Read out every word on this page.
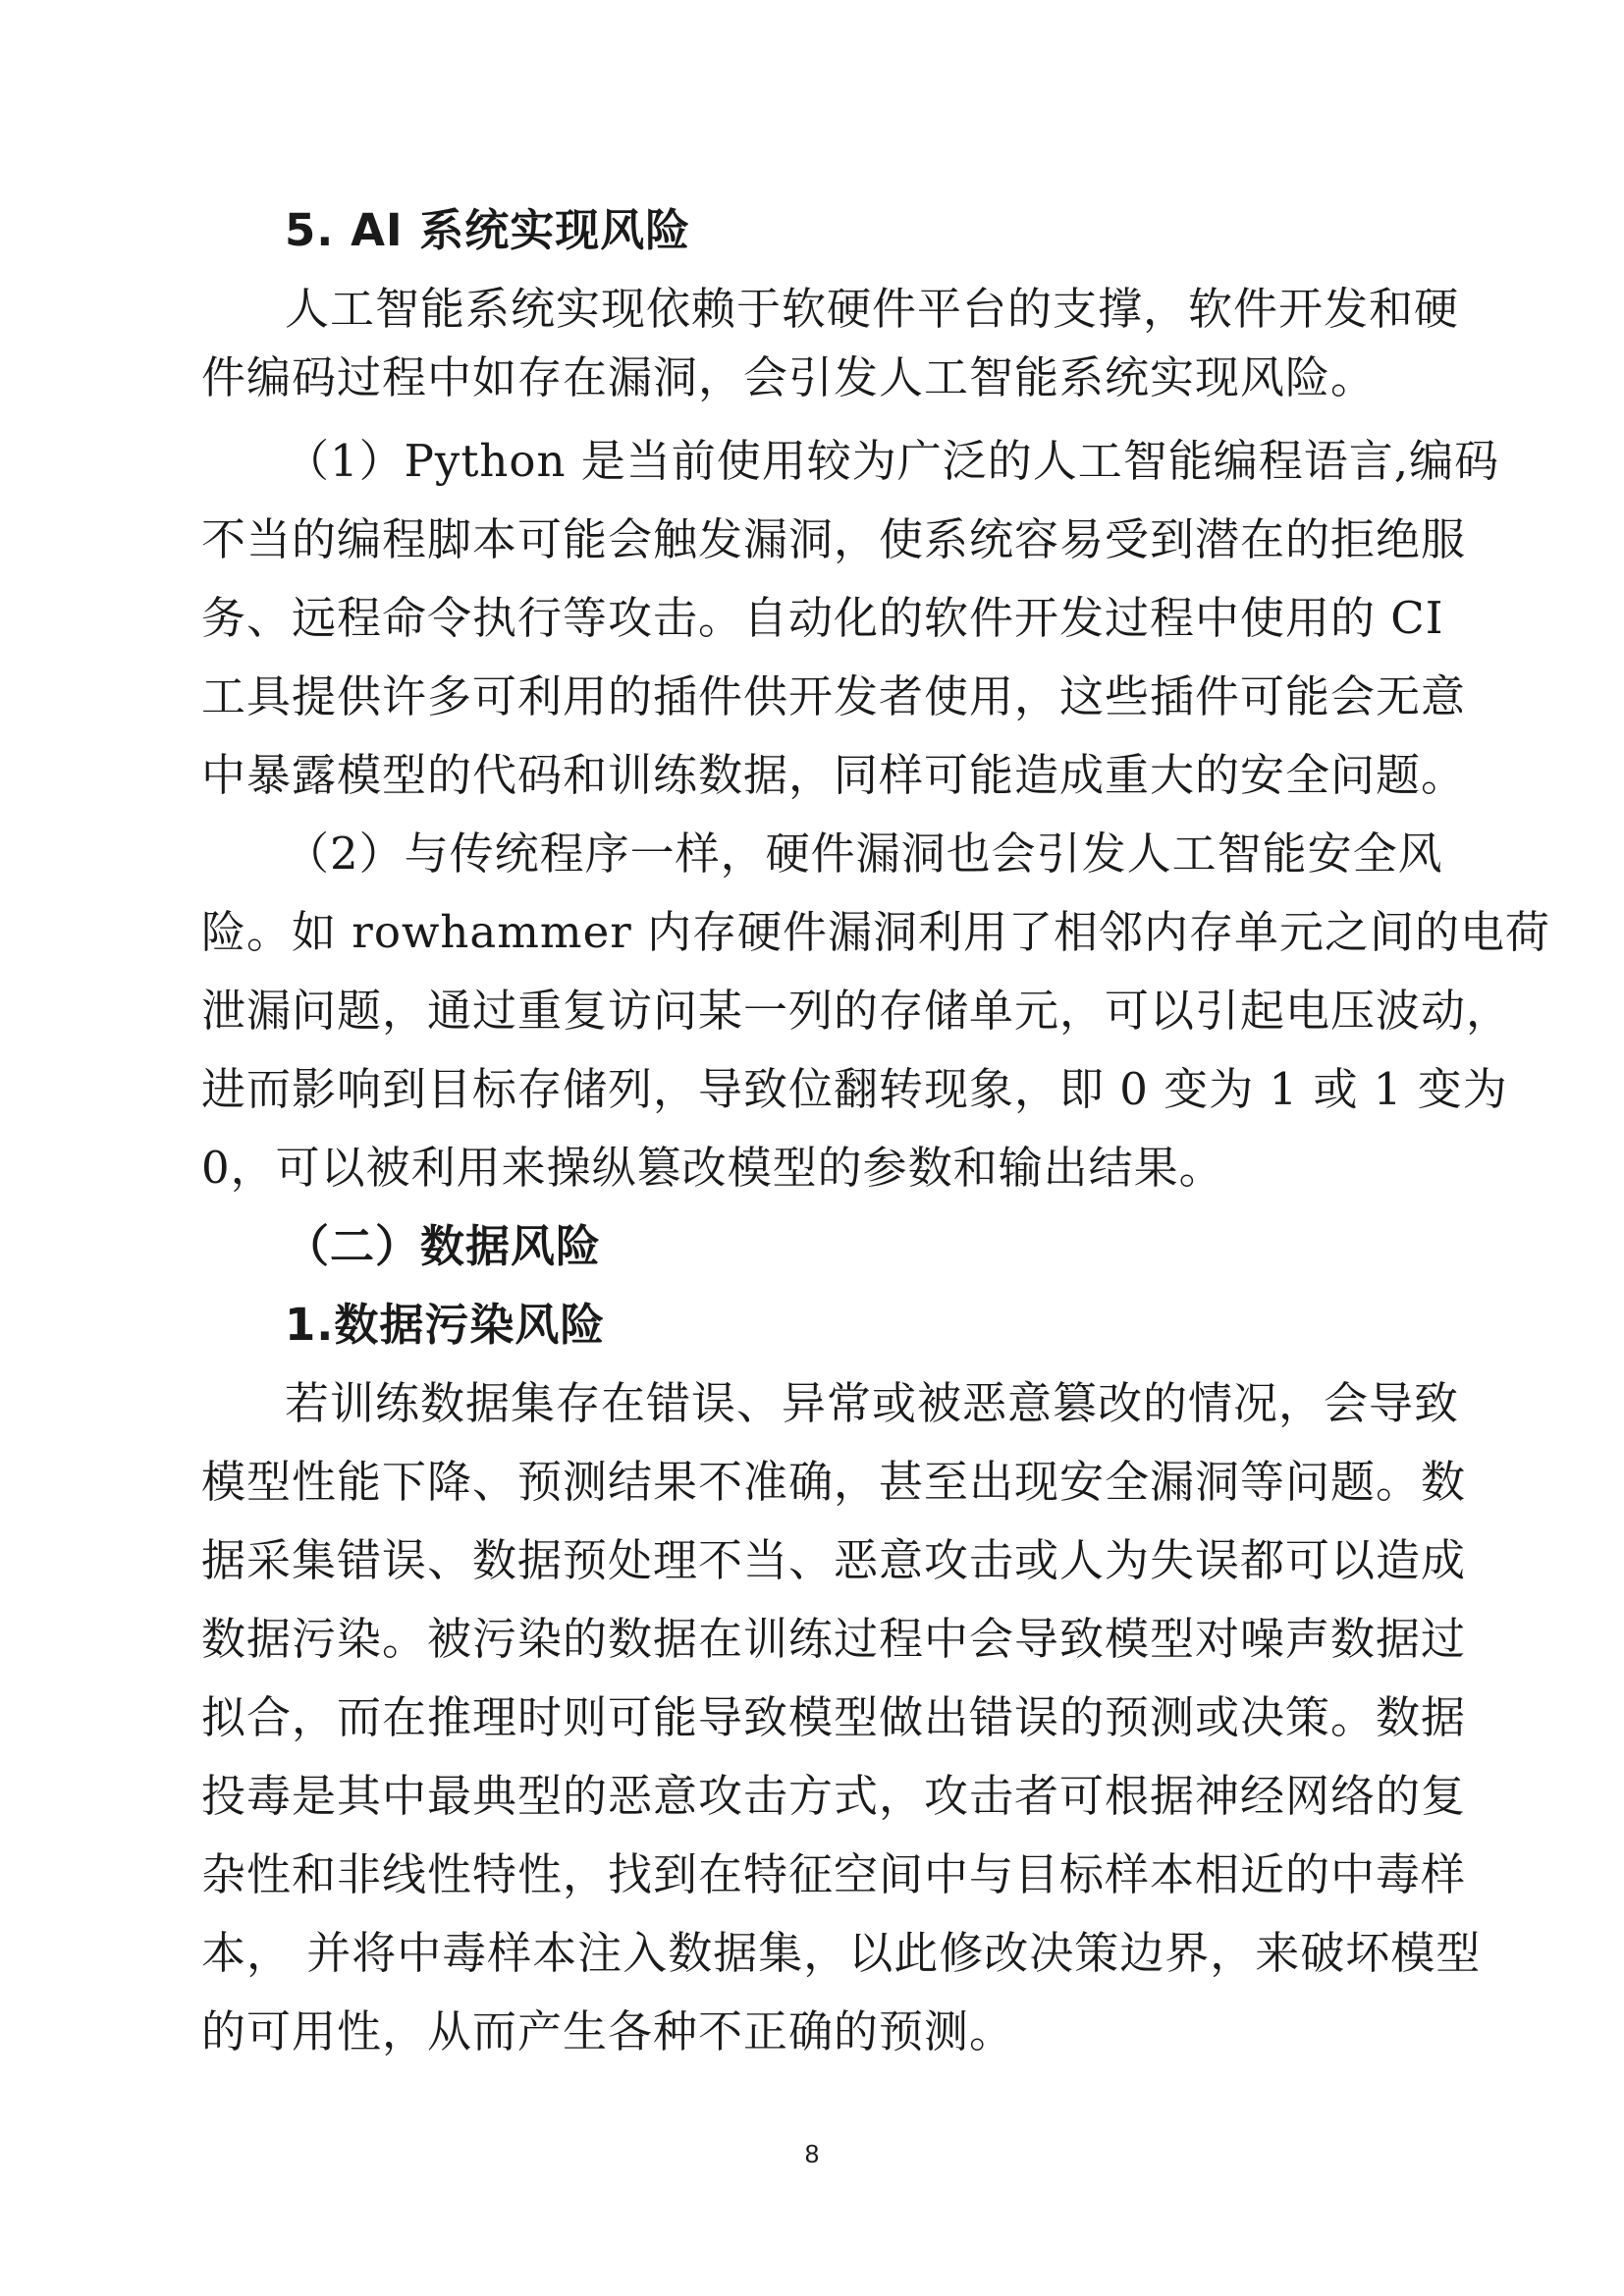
5. AI 系统实现风险
人工智能系统实现依赖于软硬件平台的支撑，软件开发和硬
件编码过程中如存在漏洞，会引发人工智能系统实现风险。
（1）Python 是当前使用较为广泛的人工智能编程语言,编码
不当的编程脚本可能会触发漏洞，使系统容易受到潜在的拒绝服
务、远程命令执行等攻击。自动化的软件开发过程中使用的 CI
工具提供许多可利用的插件供开发者使用，这些插件可能会无意
中暴露模型的代码和训练数据，同样可能造成重大的安全问题。
（2）与传统程序一样，硬件漏洞也会引发人工智能安全风
险。如 rowhammer 内存硬件漏洞利用了相邻内存单元之间的电荷
泄漏问题，通过重复访问某一列的存储单元，可以引起电压波动，
进而影响到目标存储列，导致位翻转现象，即 0 变为 1 或 1 变为
0，可以被利用来操纵篡改模型的参数和输出结果。
（二）数据风险
1.数据污染风险
若训练数据集存在错误、异常或被恶意篡改的情况，会导致
模型性能下降、预测结果不准确，甚至出现安全漏洞等问题。数
据采集错误、数据预处理不当、恶意攻击或人为失误都可以造成
数据污染。被污染的数据在训练过程中会导致模型对噪声数据过
拟合，而在推理时则可能导致模型做出错误的预测或决策。数据
投毒是其中最典型的恶意攻击方式，攻击者可根据神经网络的复
杂性和非线性特性，找到在特征空间中与目标样本相近的中毒样
本， 并将中毒样本注入数据集，以此修改决策边界，来破坏模型
的可用性，从而产生各种不正确的预测。
8
